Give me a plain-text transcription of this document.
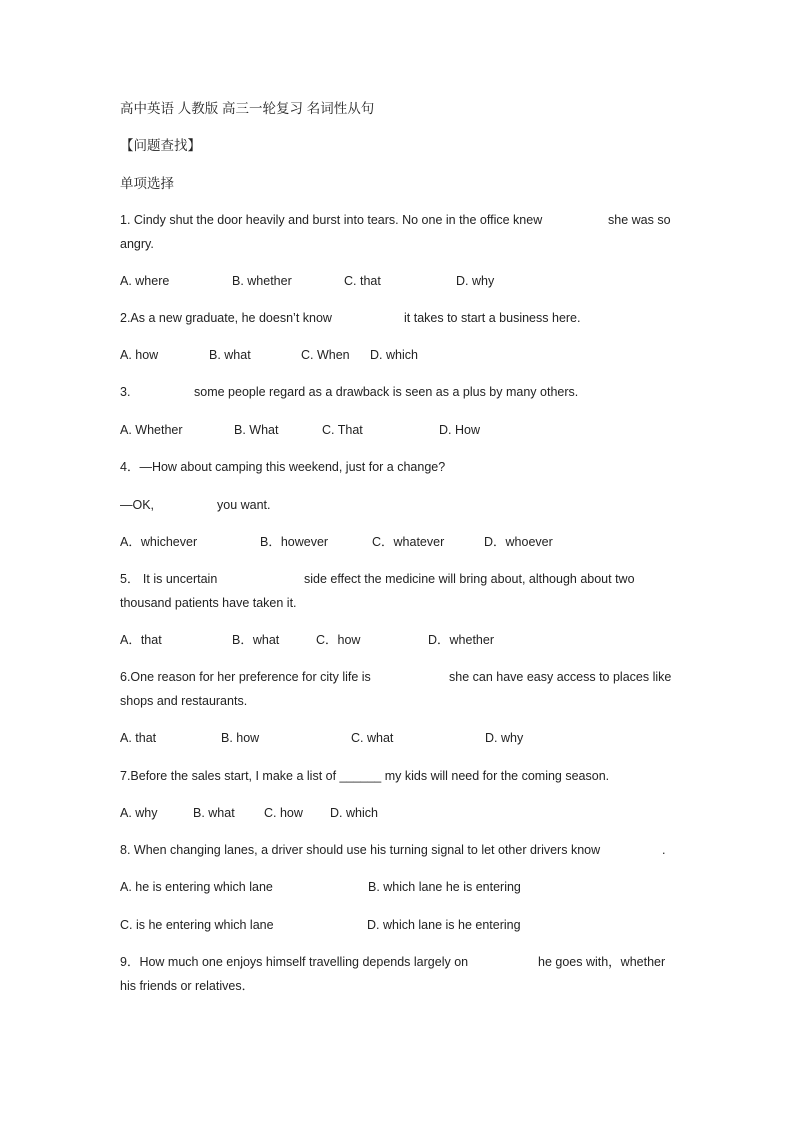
高中英语 人教版 高三一轮复习 名词性从句
【问题查找】
单项选择
1. Cindy shut the door heavily and burst into tears. No one in the office knew	she was so
angry.
A. where	B. whether	C. that	D. why
2.As a new graduate, he doesn’t know	it takes to start a business here.
A. how	B. what	C. When D. which
3.	some people regard as a drawback is seen as a plus by many others.
A. Whether	B. What	C. That	D. How
4．—How about camping this weekend, just for a change?
—OK,	you want.
A．whichever	B．however	C．whatever	D．whoever
5． It is uncertain	side effect the medicine will bring about, although about two
thousand patients have taken it.
A．that	B．what	C．how	D．whether
6.One reason for her preference for city life is	she can have easy access to places like
shops and restaurants.
A. that	B. how	C. what	D. why
7.Before the sales start, I make a list of ______ my kids will need for the coming season.
A. why	B. what C. how D. which
8. When changing lanes, a driver should use his turning signal to let other drivers know	.
A. he is entering which lane	B. which lane he is entering
C. is he entering which lane	D. which lane is he entering
9．How much one enjoys himself travelling depends largely on	he goes with，whether
his friends or relatives．
